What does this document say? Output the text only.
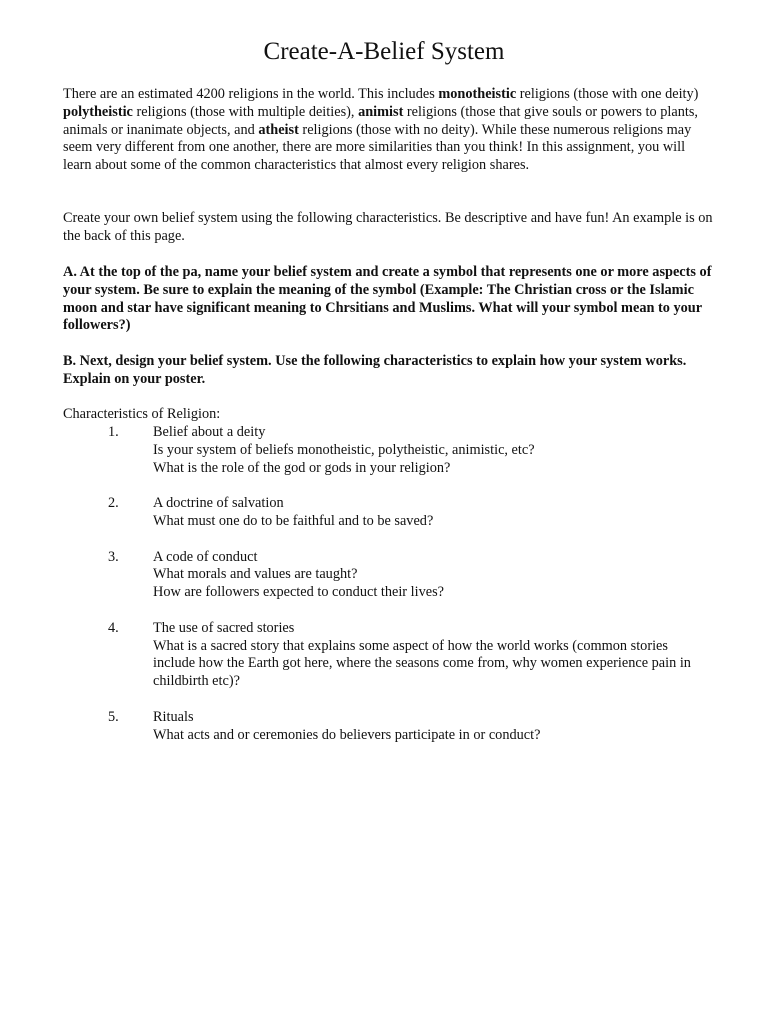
Create-A-Belief System

There are an estimated 4200 religions in the world. This includes monotheistic religions (those with one deity) polytheistic religions (those with multiple deities), animist religions (those that give souls or powers to plants, animals or inanimate objects, and atheist religions (those with no deity). While these numerous religions may seem very different from one another, there are more similarities than you think! In this assignment, you will learn about some of the common characteristics that almost every religion shares.

Create your own belief system using the following characteristics. Be descriptive and have fun! An example is on the back of this page.

A. At the top of the pa, name your belief system and create a symbol that represents one or more aspects of your system. Be sure to explain the meaning of the symbol (Example: The Christian cross or the Islamic moon and star have significant meaning to Chrsitians and Muslims. What will your symbol mean to your followers?)

B. Next, design your belief system. Use the following characteristics to explain how your system works. Explain on your poster.

Characteristics of Religion:

1. Belief about a deity

Is your system of beliefs monotheistic, polytheistic, animistic, etc?

What is the role of the god or gods in your religion?

2. A doctrine of salvation

What must one do to be faithful and to be saved?

3. A code of conduct

What morals and values are taught?

How are followers expected to conduct their lives?

4. The use of sacred stories

What is a sacred story that explains some aspect of how the world works (common stories include how the Earth got here, where the seasons come from, why women experience pain in childbirth etc)?

5. Rituals

What acts and or ceremonies do believers participate in or conduct?
